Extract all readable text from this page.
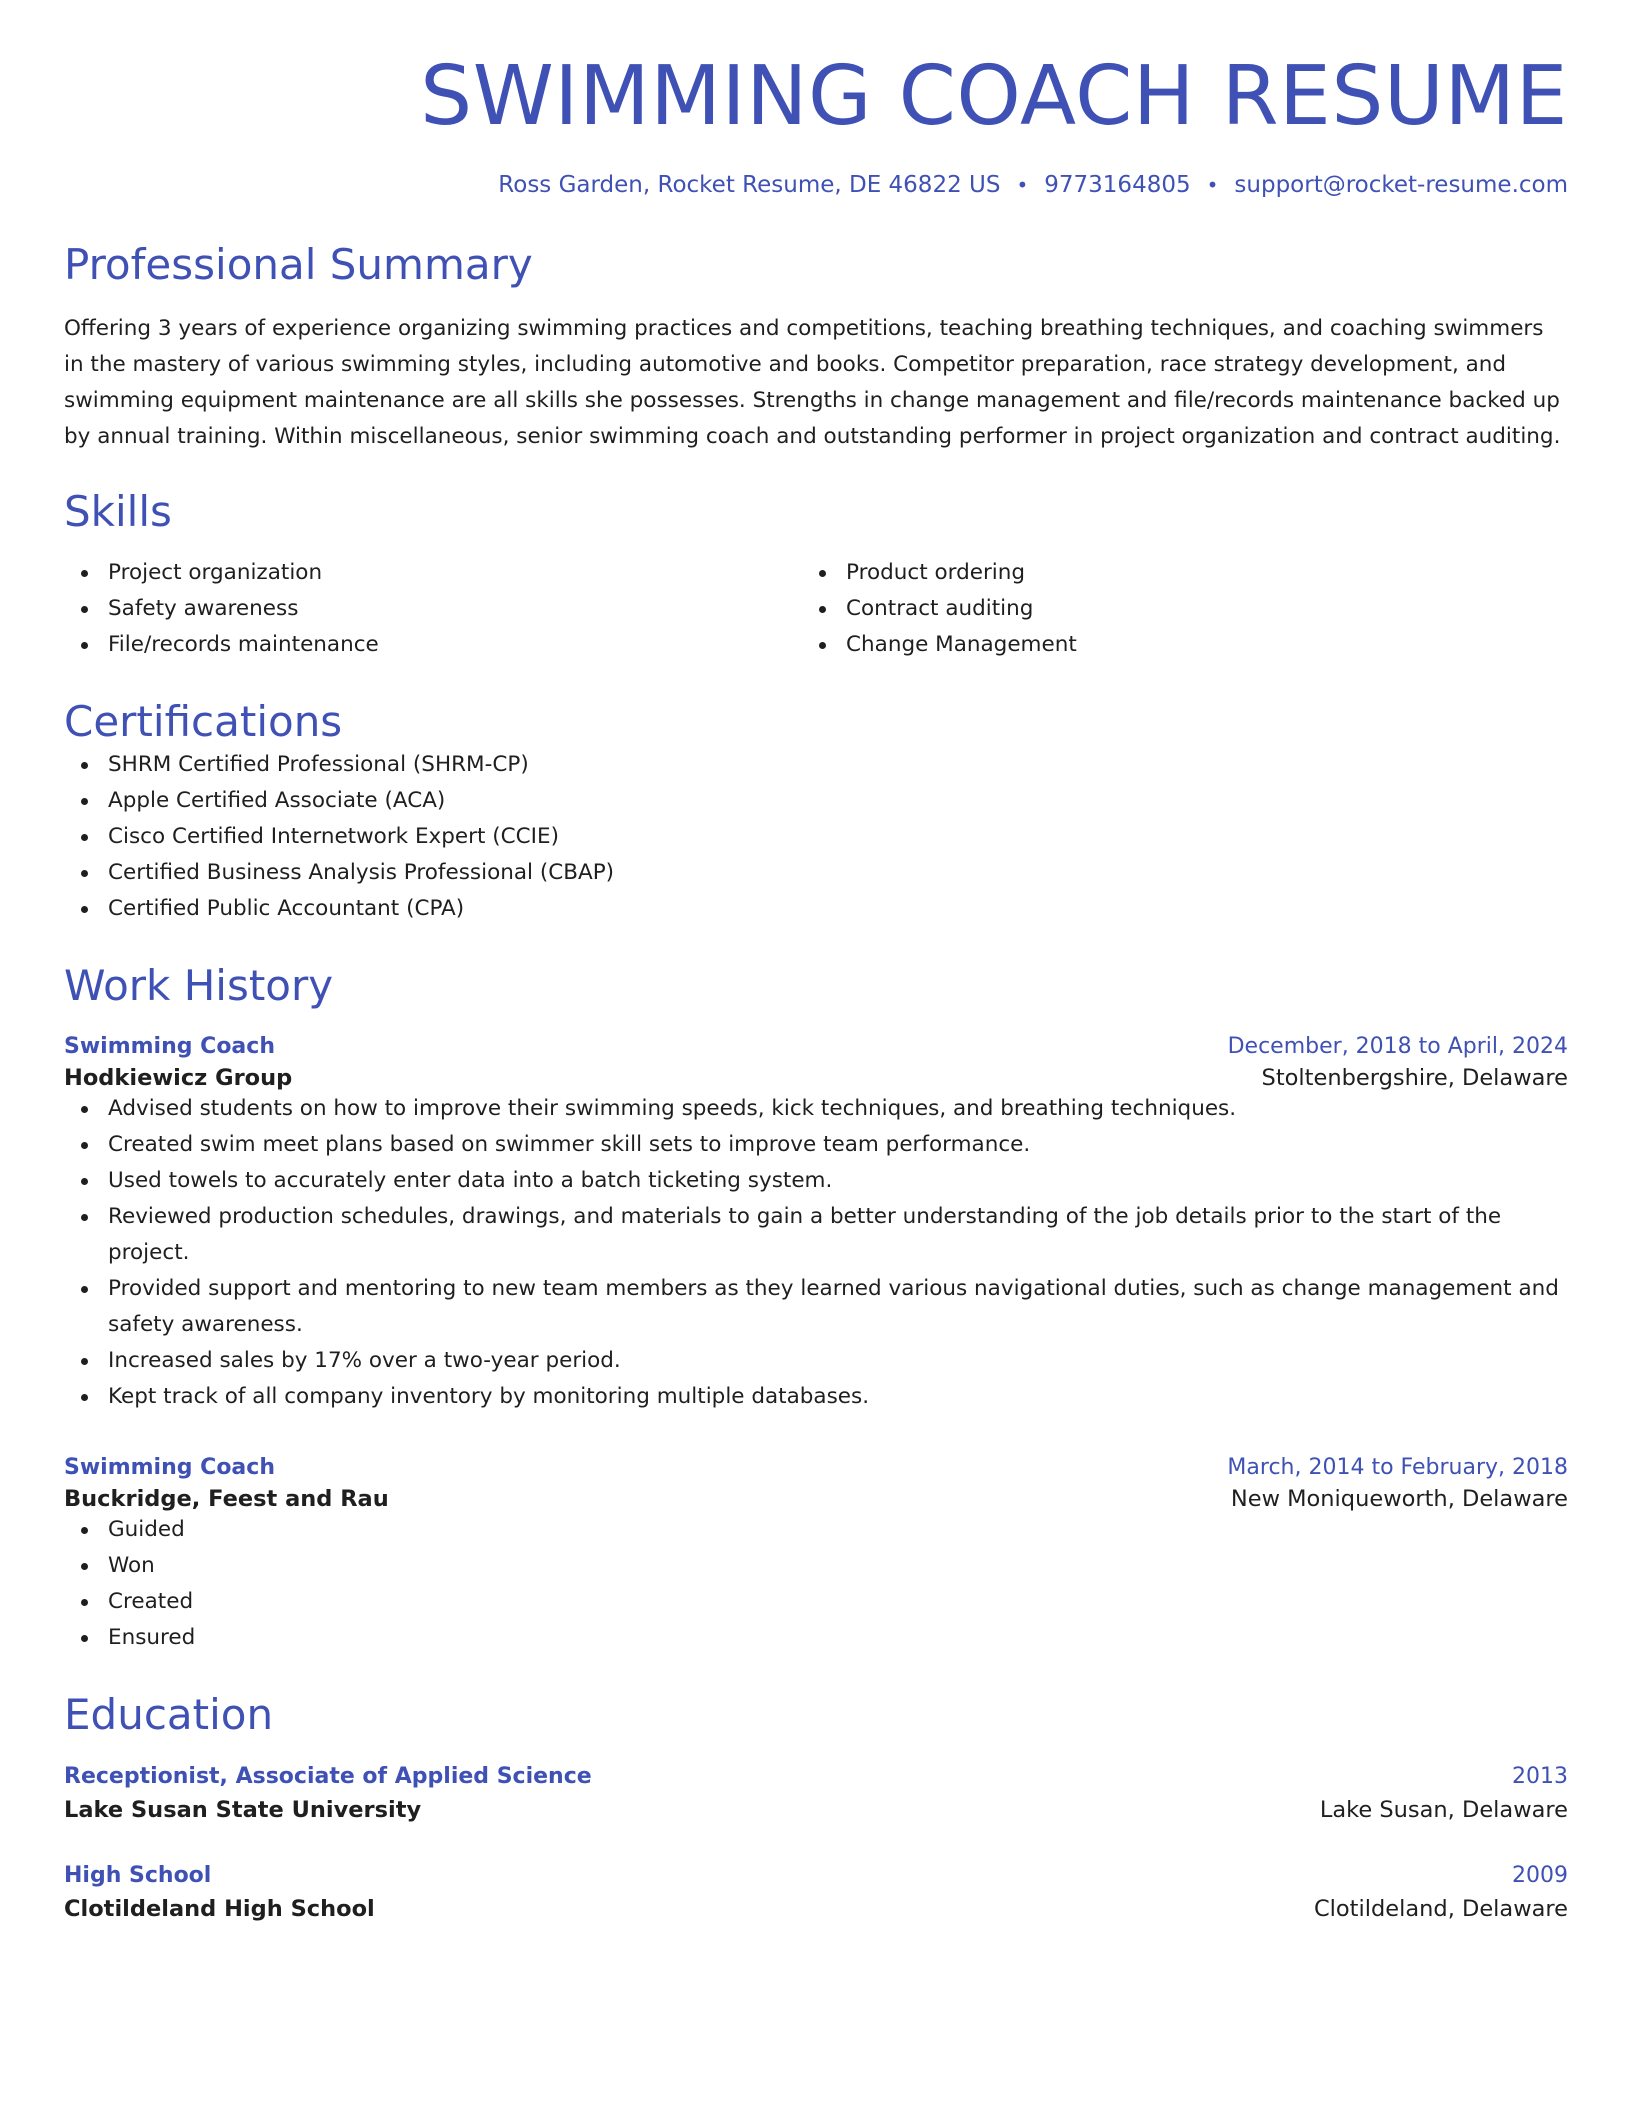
SWIMMING COACH RESUME
Ross Garden, Rocket Resume, DE 46822 US • 9773164805 • support@rocket-resume.com
Professional Summary

Offering 3 years of experience organizing swimming practices and competitions, teaching breathing techniques, and coaching swimmers in the mastery of various swimming styles, including automotive and books. Competitor preparation, race strategy development, and swimming equipment maintenance are all skills she possesses. Strengths in change management and file/records maintenance backed up by annual training. Within miscellaneous, senior swimming coach and outstanding performer in project organization and contract auditing.

Skills
Project organization
Safety awareness
File/records maintenance
Product ordering
Contract auditing
Change Management
Certifications
SHRM Certified Professional (SHRM-CP)
Apple Certified Associate (ACA)
Cisco Certified Internetwork Expert (CCIE)
Certified Business Analysis Professional (CBAP)
Certified Public Accountant (CPA)
Work History
Swimming Coach	December, 2018 to April, 2024
Hodkiewicz Group	Stoltenbergshire, Delaware
Advised students on how to improve their swimming speeds, kick techniques, and breathing techniques.
Created swim meet plans based on swimmer skill sets to improve team performance.
Used towels to accurately enter data into a batch ticketing system.
Reviewed production schedules, drawings, and materials to gain a better understanding of the job details prior to the start of the project.
Provided support and mentoring to new team members as they learned various navigational duties, such as change management and safety awareness.
Increased sales by 17% over a two-year period.
Kept track of all company inventory by monitoring multiple databases.
Swimming Coach	March, 2014 to February, 2018
Buckridge, Feest and Rau	New Moniqueworth, Delaware
Guided
Won
Created
Ensured
Education
Receptionist, Associate of Applied Science	2013
Lake Susan State University	Lake Susan, Delaware
High School	2009
Clotildeland High School	Clotildeland, Delaware
